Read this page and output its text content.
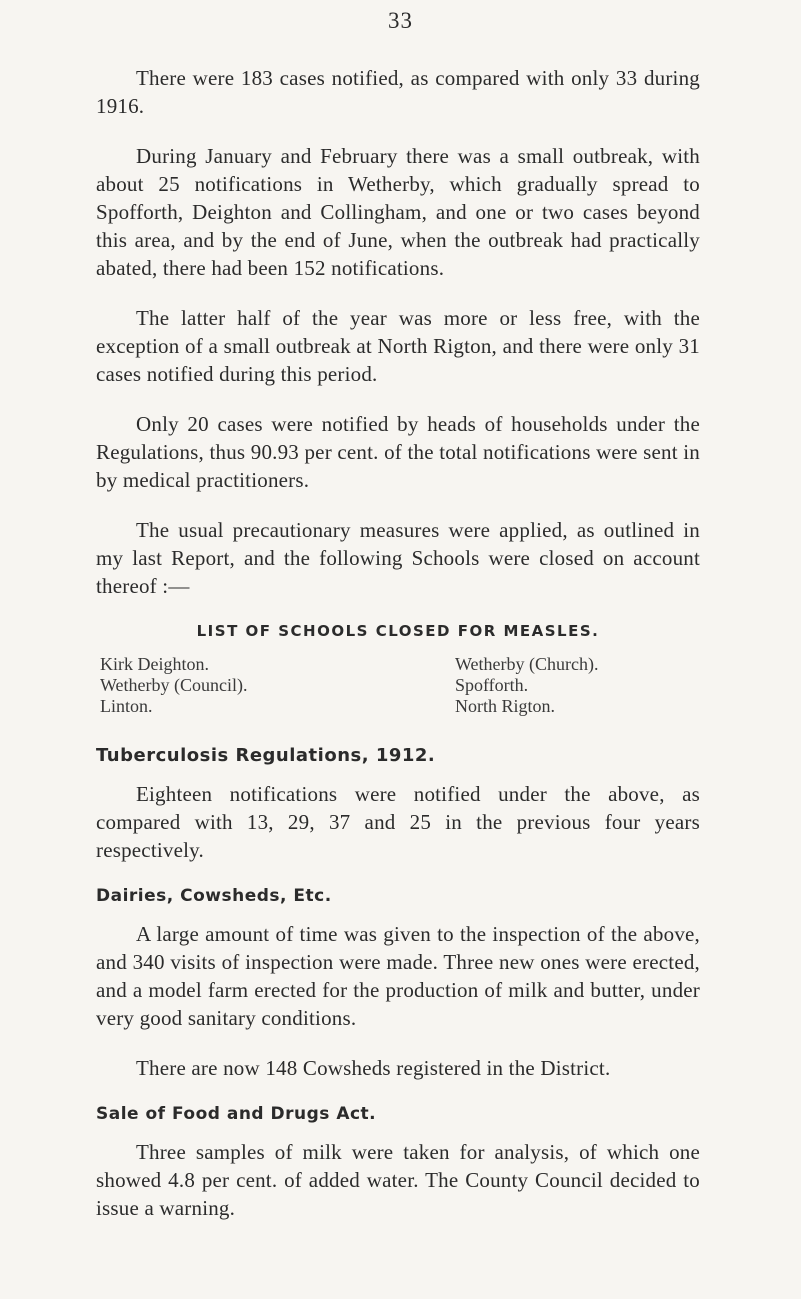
33

There were 183 cases notified, as compared with only 33 during 1916.

During January and February there was a small outbreak, with about 25 notifications in Wetherby, which gradually spread to Spofforth, Deighton and Collingham, and one or two cases beyond this area, and by the end of June, when the outbreak had practically abated, there had been 152 notifications.

The latter half of the year was more or less free, with the exception of a small outbreak at North Rigton, and there were only 31 cases notified during this period.

Only 20 cases were notified by heads of households under the Regulations, thus 90.93 per cent. of the total notifications were sent in by medical practitioners.

The usual precautionary measures were applied, as outlined in my last Report, and the following Schools were closed on account thereof :—

LIST OF SCHOOLS CLOSED FOR MEASLES.
Kirk Deighton.
Wetherby (Council).
Linton.
Wetherby (Church).
Spofforth.
North Rigton.
Tuberculosis Regulations, 1912.

Eighteen notifications were notified under the above, as compared with 13, 29, 37 and 25 in the previous four years respectively.

Dairies, Cowsheds, Etc.

A large amount of time was given to the inspection of the above, and 340 visits of inspection were made. Three new ones were erected, and a model farm erected for the production of milk and butter, under very good sanitary conditions.

There are now 148 Cowsheds registered in the District.

Sale of Food and Drugs Act.

Three samples of milk were taken for analysis, of which one showed 4.8 per cent. of added water. The County Council decided to issue a warning.
